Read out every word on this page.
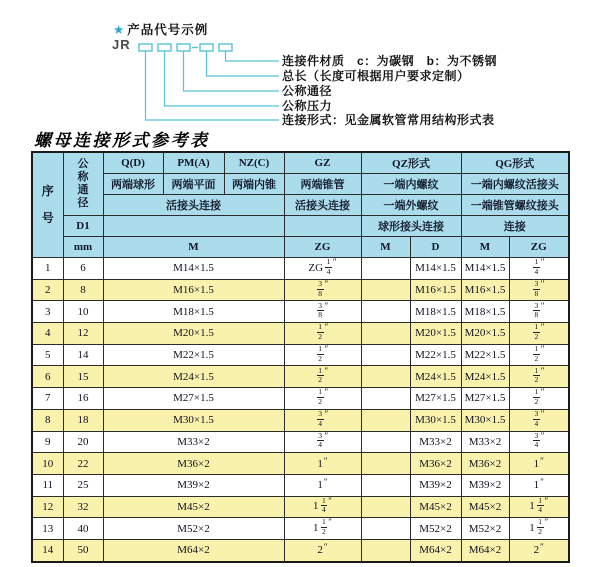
★ 产品代号示例
JR
连接件材质　c：为碳钢　b：为不锈钢
总长（长度可根据用户要求定制）
公称通径
公称压力
连接形式：见金属软管常用结构形式表
螺母连接形式参考表
序
号

公
称
通
径
	Q(D)	PM(A)	NZ(C)	GZ	QZ形式	QG形式
		两端球形	两端平面	两端内锥	两端锥管	一端内螺纹		一端内螺纹活接头	
		活接头连接			活接头连接	一端外螺纹		一端锥管螺纹接头	
	D1					球形接头连接		连接	
	mm	M			ZG	M	D	M	ZG
1	6	M14×1.5			ZG $\frac{1}{4} ''$		M14×1.5	M14×1.5	$\frac{1}{4} ''$
2	8	M16×1.5			$\frac{3}{8} ''$		M16×1.5	M16×1.5	$\frac{3}{8} ''$
3	10	M18×1.5			$\frac{3}{8} ''$		M18×1.5	M18×1.5	$\frac{3}{8} ''$
4	12	M20×1.5			$\frac{1}{2} ''$		M20×1.5	M20×1.5	$\frac{1}{2} ''$
5	14	M22×1.5			$\frac{1}{2} ''$		M22×1.5	M22×1.5	$\frac{1}{2} ''$
6	15	M24×1.5			$\frac{1}{2} ''$		M24×1.5	M24×1.5	$\frac{1}{2} ''$
7	16	M27×1.5			$\frac{1}{2} ''$		M27×1.5	M27×1.5	$\frac{1}{2} ''$
8	18	M30×1.5			$\frac{3}{4} ''$		M30×1.5	M30×1.5	$\frac{3}{4} ''$
9	20	M33×2			$\frac{3}{4} ''$		M33×2	M33×2	$\frac{3}{4} ''$
10	22	M36×2			1″		M36×2	M36×2	1″
11	25	M39×2			1″		M39×2	M39×2	1″
12	32	M45×2			$1 \frac{1}{4} ''$		M45×2	M45×2	$1 \frac{1}{4} ''$
13	40	M52×2			$1 \frac{1}{2} ''$		M52×2	M52×2	$1 \frac{1}{2} ''$
14	50	M64×2			2″		M64×2	M64×2	2″
